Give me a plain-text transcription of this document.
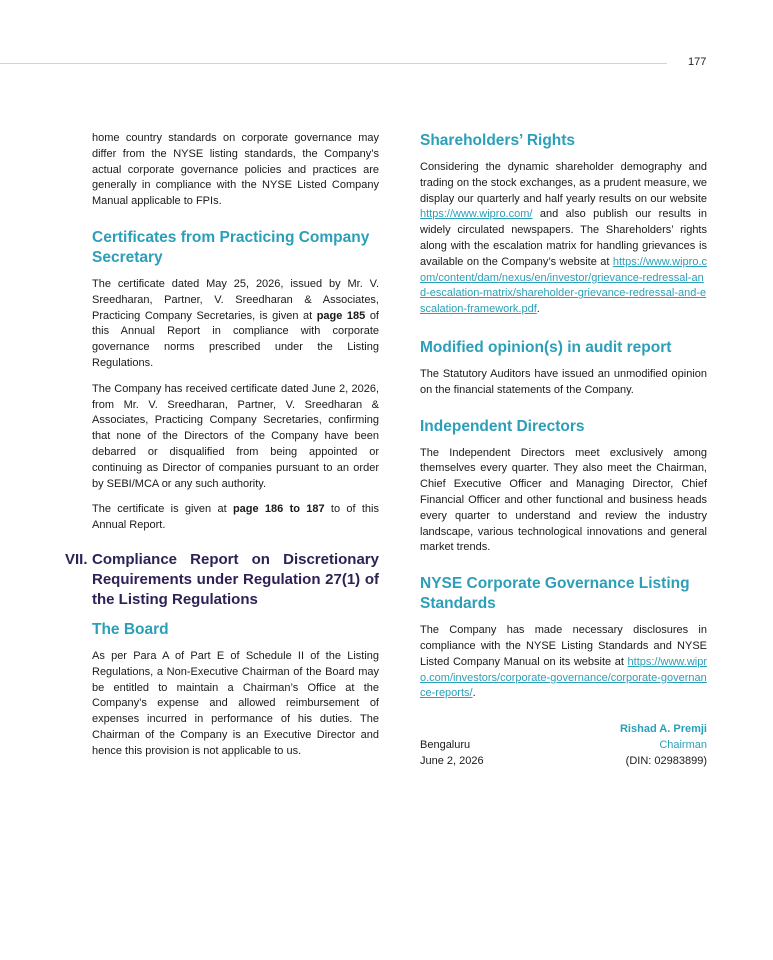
177

home country standards on corporate governance may differ from the NYSE listing standards, the Company’s actual corporate governance policies and practices are generally in compliance with the NYSE Listed Company Manual applicable to FPIs.

Certificates from Practicing Company Secretary

The certificate dated May 25, 2026, issued by Mr. V. Sreedharan, Partner, V. Sreedharan & Associates, Practicing Company Secretaries, is given at page 185 of this Annual Report in compliance with corporate governance norms prescribed under the Listing Regulations.

The Company has received certificate dated June 2, 2026, from Mr. V. Sreedharan, Partner, V. Sreedharan & Associates, Practicing Company Secretaries, confirming that none of the Directors of the Company have been debarred or disqualified from being appointed or continuing as Director of companies pursuant to an order by SEBI/MCA or any such authority.

The certificate is given at page 186 to 187 to of this Annual Report.

VII. Compliance Report on Discretionary Requirements under Regulation 27(1) of the Listing Regulations
The Board

As per Para A of Part E of Schedule II of the Listing Regulations, a Non-Executive Chairman of the Board may be entitled to maintain a Chairman’s Office at the Company’s expense and allowed reimbursement of expenses incurred in performance of his duties. The Chairman of the Company is an Executive Director and hence this provision is not applicable to us.

Shareholders’ Rights

Considering the dynamic shareholder demography and trading on the stock exchanges, as a prudent measure, we display our quarterly and half yearly results on our website https://www.wipro.com/ and also publish our results in widely circulated newspapers. The Shareholders’ rights along with the escalation matrix for handling grievances is available on the Company’s website at https://www.wipro.com/content/dam/nexus/en/investor/grievance-redressal-and-escalation-matrix/shareholder-grievance-redressal-and-escalation-framework.pdf.

Modified opinion(s) in audit report

The Statutory Auditors have issued an unmodified opinion on the financial statements of the Company.

Independent Directors

The Independent Directors meet exclusively among themselves every quarter. They also meet the Chairman, Chief Executive Officer and Managing Director, Chief Financial Officer and other functional and business heads every quarter to understand and review the industry landscape, various technological innovations and general market trends.

NYSE Corporate Governance Listing Standards

The Company has made necessary disclosures in compliance with the NYSE Listing Standards and NYSE Listed Company Manual on its website at https://www.wipro.com/investors/corporate-governance/corporate-governance-reports/.

Rishad A. Premji
Bengaluru	Chairman
June 2, 2026	(DIN: 02983899)
